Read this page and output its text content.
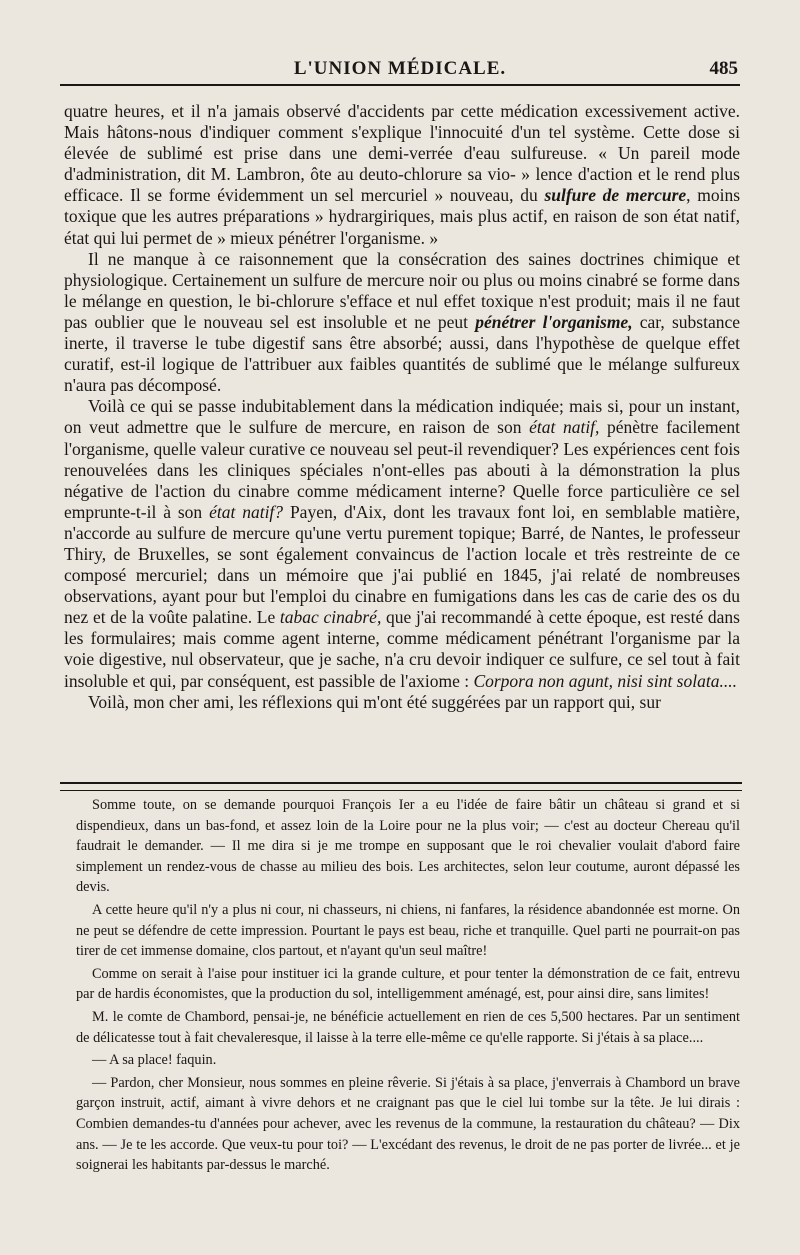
L'UNION MÉDICALE.	485

quatre heures, et il n'a jamais observé d'accidents par cette médication excessivement active. Mais hâtons-nous d'indiquer comment s'explique l'innocuité d'un tel système. Cette dose si élevée de sublimé est prise dans une demi-verrée d'eau sulfureuse. « Un pareil mode d'administration, dit M. Lambron, ôte au deuto-chlorure sa vio- » lence d'action et le rend plus efficace. Il se forme évidemment un sel mercuriel » nouveau, du sulfure de mercure, moins toxique que les autres préparations » hydrargiriques, mais plus actif, en raison de son état natif, état qui lui permet de » mieux pénétrer l'organisme. »

Il ne manque à ce raisonnement que la consécration des saines doctrines chimique et physiologique. Certainement un sulfure de mercure noir ou plus ou moins cinabré se forme dans le mélange en question, le bi-chlorure s'efface et nul effet toxique n'est produit; mais il ne faut pas oublier que le nouveau sel est insoluble et ne peut pénétrer l'organisme, car, substance inerte, il traverse le tube digestif sans être absorbé; aussi, dans l'hypothèse de quelque effet curatif, est-il logique de l'attribuer aux faibles quantités de sublimé que le mélange sulfureux n'aura pas décomposé.

Voilà ce qui se passe indubitablement dans la médication indiquée; mais si, pour un instant, on veut admettre que le sulfure de mercure, en raison de son état natif, pénètre facilement l'organisme, quelle valeur curative ce nouveau sel peut-il revendiquer? Les expériences cent fois renouvelées dans les cliniques spéciales n'ont-elles pas abouti à la démonstration la plus négative de l'action du cinabre comme médicament interne? Quelle force particulière ce sel emprunte-t-il à son état natif? Payen, d'Aix, dont les travaux font loi, en semblable matière, n'accorde au sulfure de mercure qu'une vertu purement topique; Barré, de Nantes, le professeur Thiry, de Bruxelles, se sont également convaincus de l'action locale et très restreinte de ce composé mercuriel; dans un mémoire que j'ai publié en 1845, j'ai relaté de nombreuses observations, ayant pour but l'emploi du cinabre en fumigations dans les cas de carie des os du nez et de la voûte palatine. Le tabac cinabré, que j'ai recommandé à cette époque, est resté dans les formulaires; mais comme agent interne, comme médicament pénétrant l'organisme par la voie digestive, nul observateur, que je sache, n'a cru devoir indiquer ce sulfure, ce sel tout à fait insoluble et qui, par conséquent, est passible de l'axiome : Corpora non agunt, nisi sint solata....

Voilà, mon cher ami, les réflexions qui m'ont été suggérées par un rapport qui, sur

Somme toute, on se demande pourquoi François Ier a eu l'idée de faire bâtir un château si grand et si dispendieux, dans un bas-fond, et assez loin de la Loire pour ne la plus voir; — c'est au docteur Chereau qu'il faudrait le demander. — Il me dira si je me trompe en supposant que le roi chevalier voulait d'abord faire simplement un rendez-vous de chasse au milieu des bois. Les architectes, selon leur coutume, auront dépassé les devis.

A cette heure qu'il n'y a plus ni cour, ni chasseurs, ni chiens, ni fanfares, la résidence abandonnée est morne. On ne peut se défendre de cette impression. Pourtant le pays est beau, riche et tranquille. Quel parti ne pourrait-on pas tirer de cet immense domaine, clos partout, et n'ayant qu'un seul maître!

Comme on serait à l'aise pour instituer ici la grande culture, et pour tenter la démonstration de ce fait, entrevu par de hardis économistes, que la production du sol, intelligemment aménagé, est, pour ainsi dire, sans limites!

M. le comte de Chambord, pensai-je, ne bénéficie actuellement en rien de ces 5,500 hectares. Par un sentiment de délicatesse tout à fait chevaleresque, il laisse à la terre elle-même ce qu'elle rapporte. Si j'étais à sa place....

— A sa place! faquin.

— Pardon, cher Monsieur, nous sommes en pleine rêverie. Si j'étais à sa place, j'enverrais à Chambord un brave garçon instruit, actif, aimant à vivre dehors et ne craignant pas que le ciel lui tombe sur la tête. Je lui dirais : Combien demandes-tu d'années pour achever, avec les revenus de la commune, la restauration du château? — Dix ans. — Je te les accorde. Que veux-tu pour toi? — L'excédant des revenus, le droit de ne pas porter de livrée... et je soignerai les habitants par-dessus le marché.
